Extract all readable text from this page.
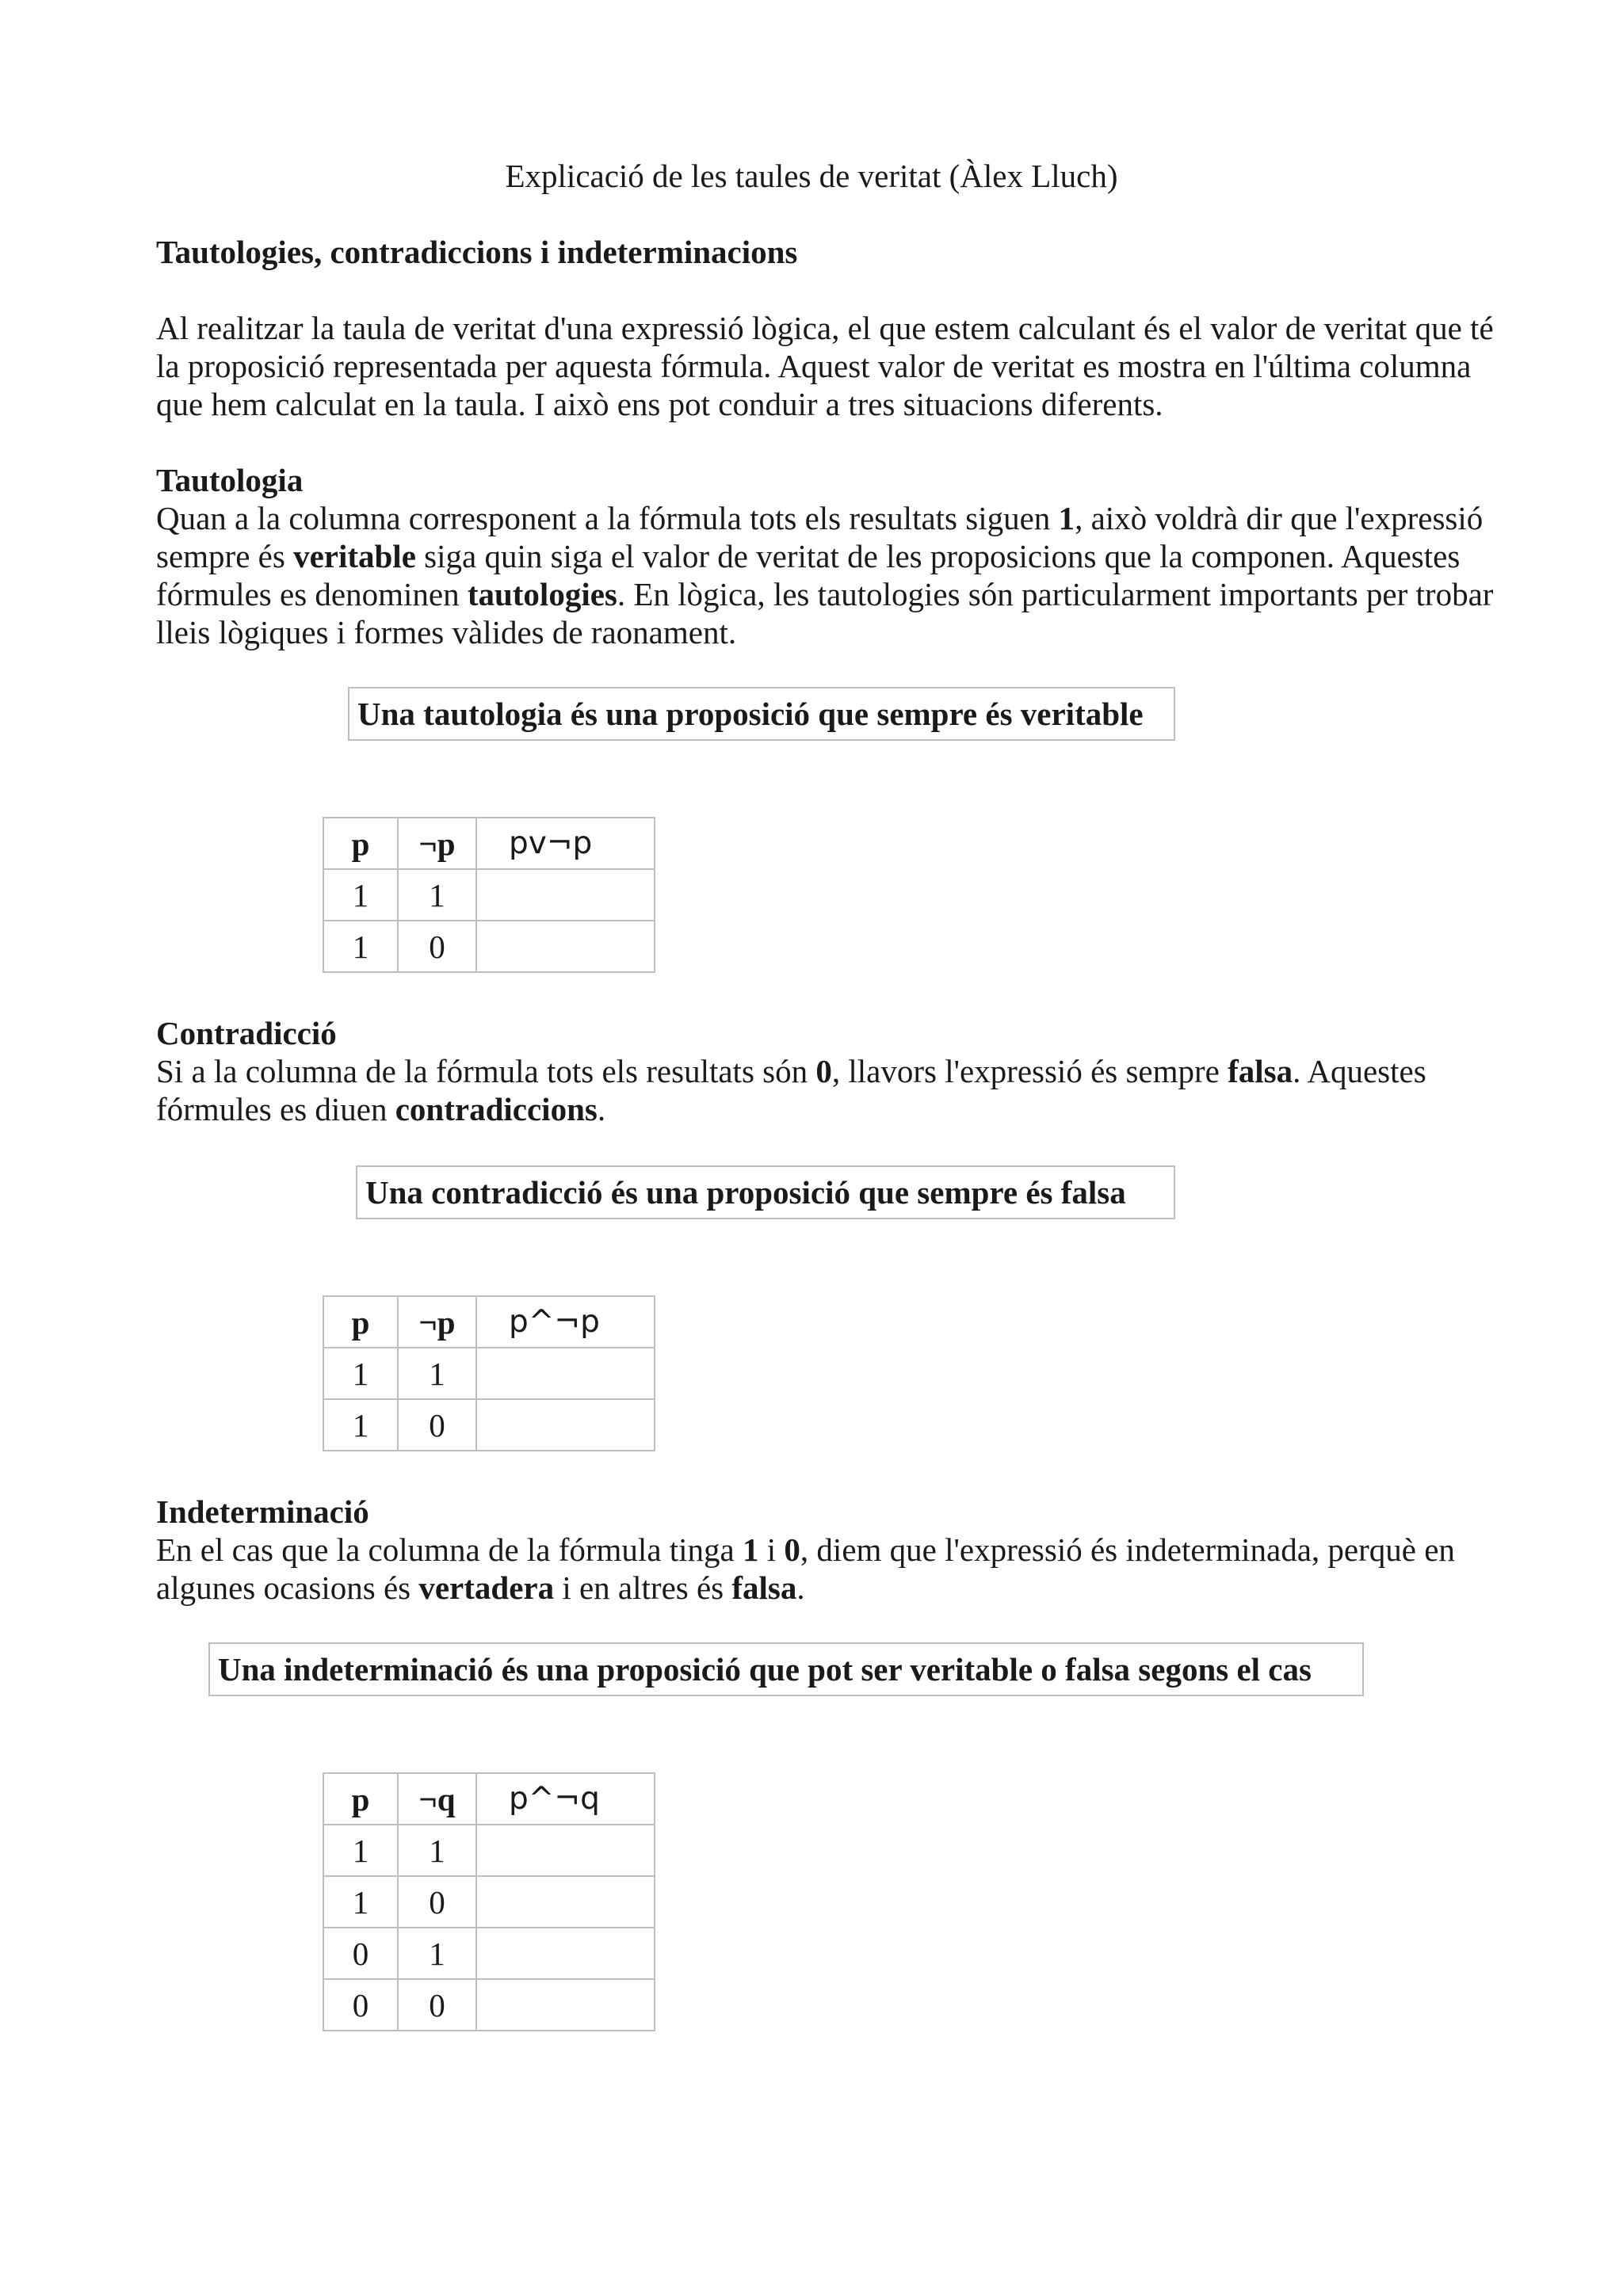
Explicació de les taules de veritat (Àlex Lluch)
Tautologies, contradiccions i indeterminacions
Al realitzar la taula de veritat d'una expressió lògica, el que estem calculant és el valor de veritat que té la proposició representada per aquesta fórmula. Aquest valor de veritat es mostra en l'última columna que hem calculat en la taula. I això ens pot conduir a tres situacions diferents.
Tautologia
Quan a la columna corresponent a la fórmula tots els resultats siguen 1, això voldrà dir que l'expressió sempre és veritable siga quin siga el valor de veritat de les proposicions que la componen. Aquestes fórmules es denominen tautologies. En lògica, les tautologies són particularment importants per trobar lleis lògiques i formes vàlides de raonament.
Una tautologia és una proposició que sempre és veritable
p	¬p	pv¬p
1	1	
1	0	
Contradicció
Si a la columna de la fórmula tots els resultats són 0, llavors l'expressió és sempre falsa. Aquestes fórmules es diuen contradiccions.
Una contradicció és una proposició que sempre és falsa
p	¬p	p^¬p
1	1	
1	0	
Indeterminació
En el cas que la columna de la fórmula tinga 1 i 0, diem que l'expressió és indeterminada, perquè en algunes ocasions és vertadera i en altres és falsa.
Una indeterminació és una proposició que pot ser veritable o falsa segons el cas
p	¬q	p^¬q
1	1	
1	0	
0	1	
0	0	
